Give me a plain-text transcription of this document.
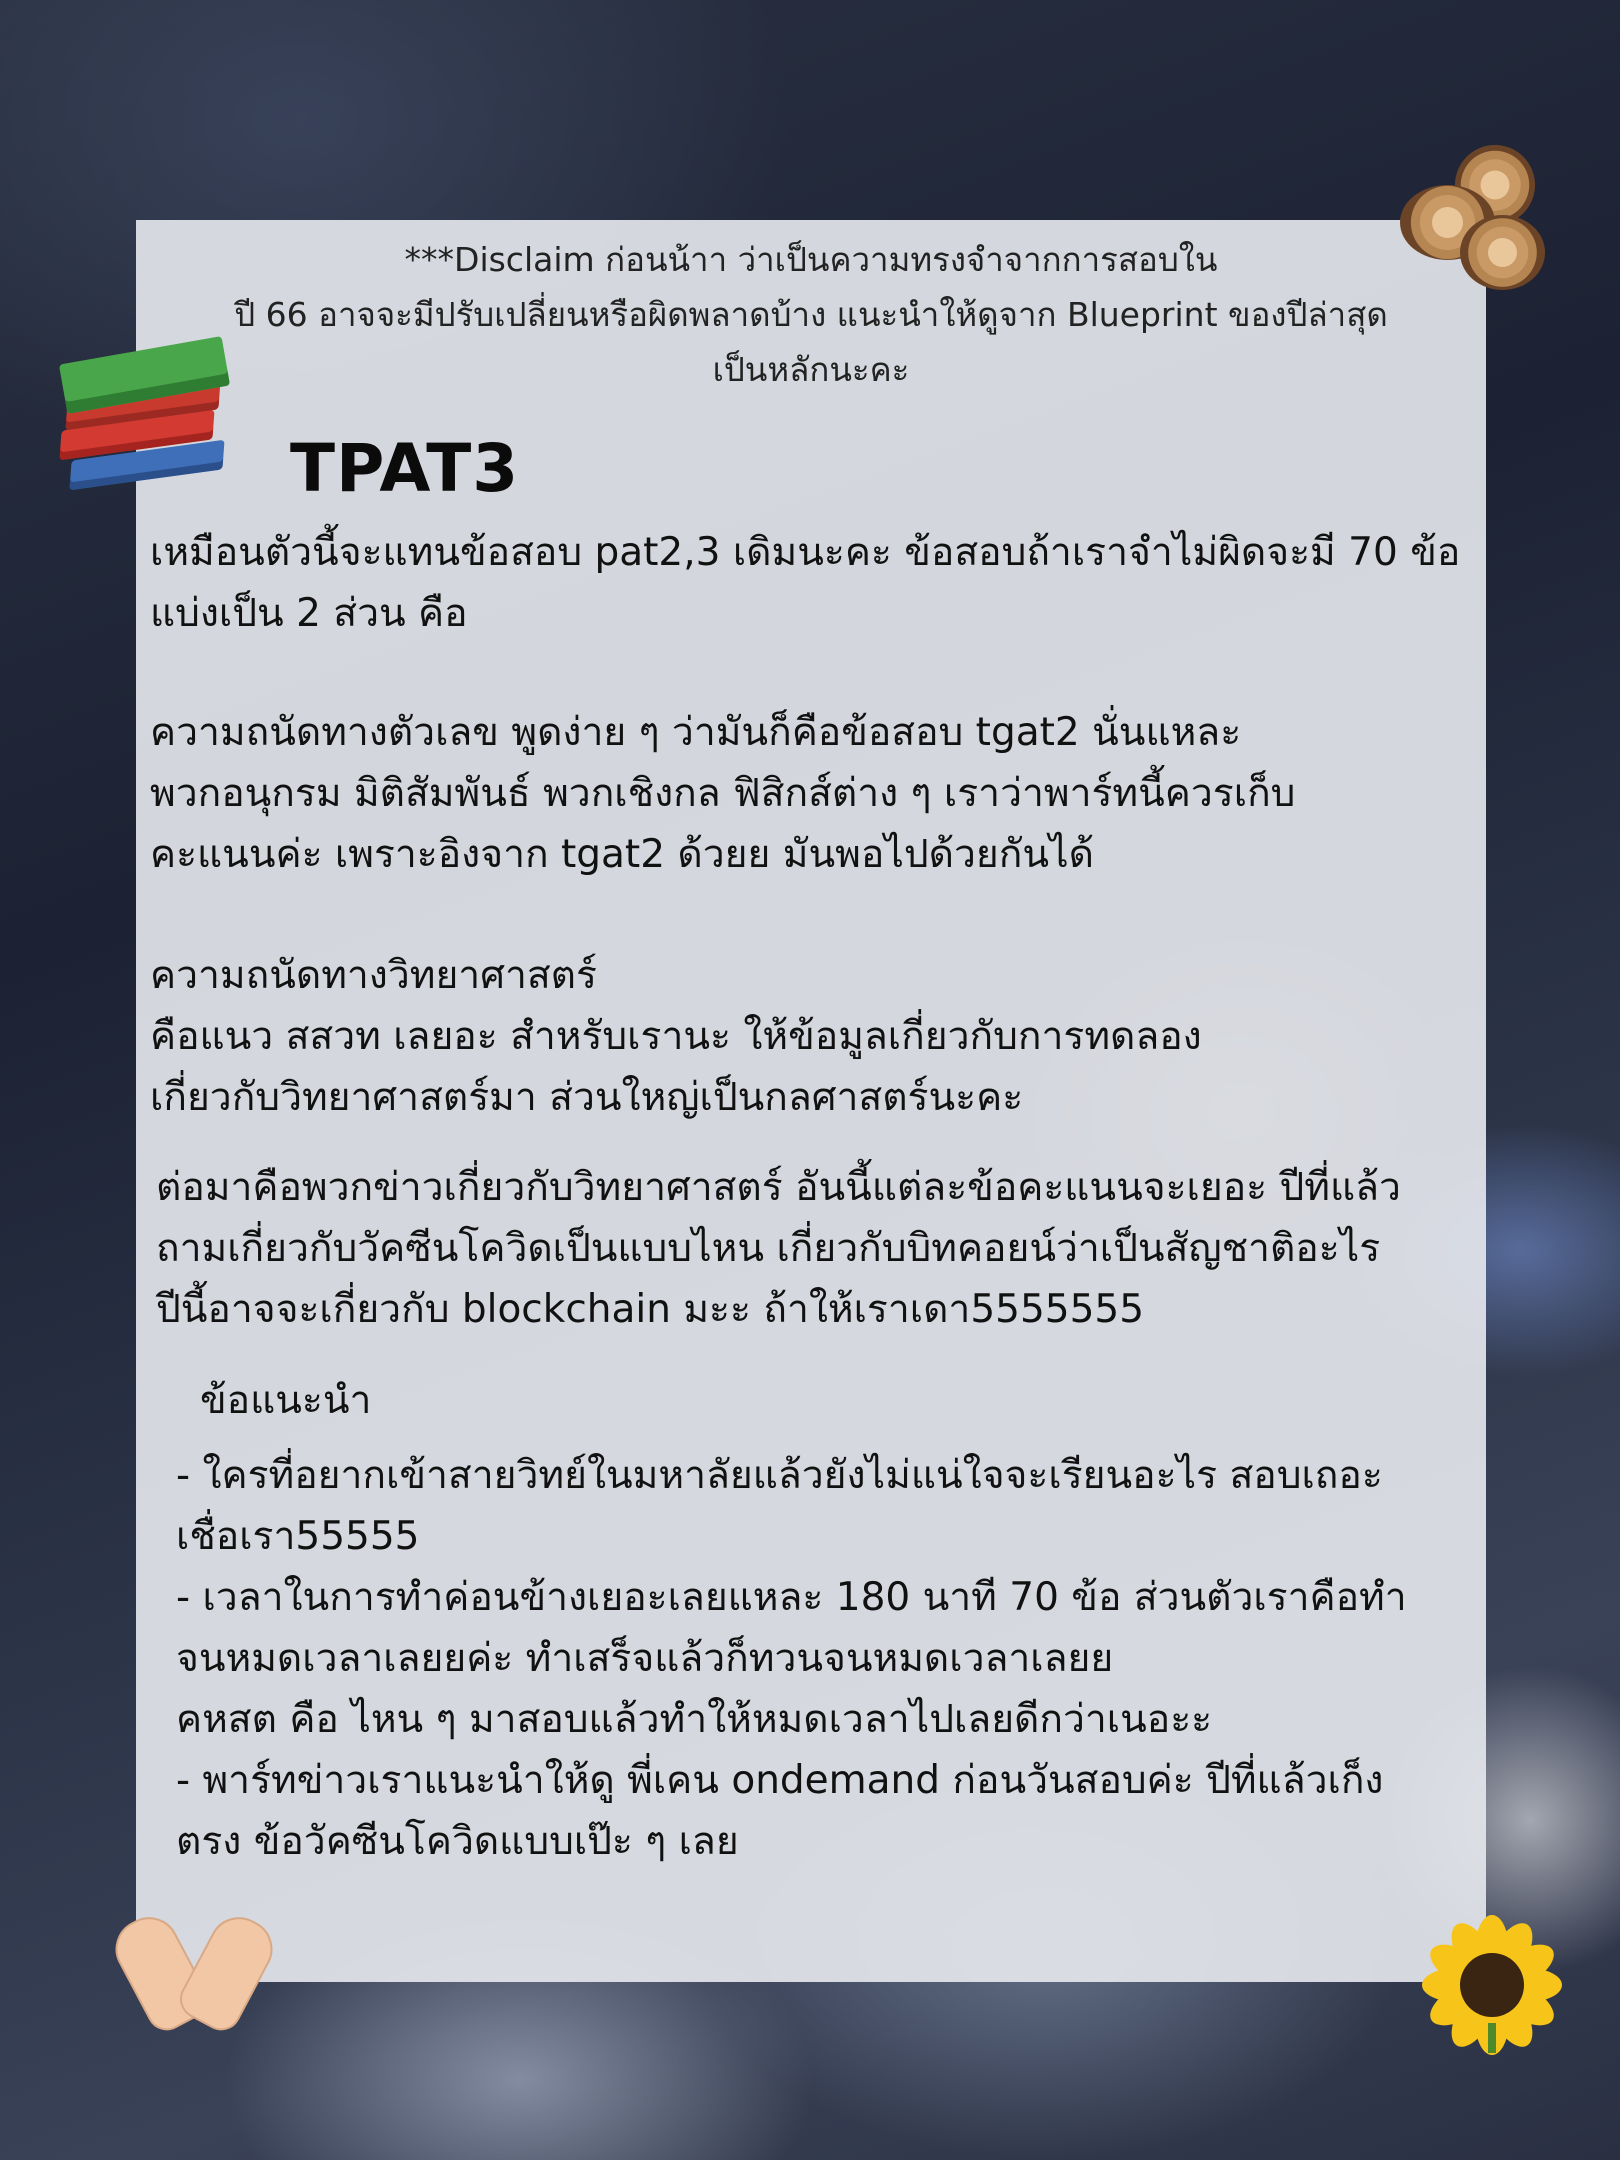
***Disclaim ก่อนน้าา ว่าเป็นความทรงจำจากการสอบใน
ปี 66 อาจจะมีปรับเปลี่ยนหรือผิดพลาดบ้าง แนะนำให้ดูจาก Blueprint ของปีล่าสุด
เป็นหลักนะคะ
TPAT3
เหมือนตัวนี้จะแทนข้อสอบ pat2,3 เดิมนะคะ ข้อสอบถ้าเราจำไม่ผิดจะมี 70 ข้อ
แบ่งเป็น 2 ส่วน คือ
ความถนัดทางตัวเลข พูดง่าย ๆ ว่ามันก็คือข้อสอบ tgat2 นั่นแหละ
พวกอนุกรม มิติสัมพันธ์ พวกเชิงกล ฟิสิกส์ต่าง ๆ เราว่าพาร์ทนี้ควรเก็บ
คะแนนค่ะ เพราะอิงจาก tgat2 ด้วยย มันพอไปด้วยกันได้
ความถนัดทางวิทยาศาสตร์
คือแนว สสวท เลยอะ สำหรับเรานะ ให้ข้อมูลเกี่ยวกับการทดลอง
เกี่ยวกับวิทยาศาสตร์มา ส่วนใหญ่เป็นกลศาสตร์นะคะ
ต่อมาคือพวกข่าวเกี่ยวกับวิทยาศาสตร์ อันนี้แต่ละข้อคะแนนจะเยอะ ปีที่แล้ว
ถามเกี่ยวกับวัคซีนโควิดเป็นแบบไหน เกี่ยวกับบิทคอยน์ว่าเป็นสัญชาติอะไร
ปีนี้อาจจะเกี่ยวกับ blockchain มะะ ถ้าให้เราเดา5555555
ข้อแนะนำ
- ใครที่อยากเข้าสายวิทย์ในมหาลัยแล้วยังไม่แน่ใจจะเรียนอะไร สอบเถอะ
เชื่อเรา55555
- เวลาในการทำค่อนข้างเยอะเลยแหละ 180 นาที 70 ข้อ ส่วนตัวเราคือทำ
จนหมดเวลาเลยยค่ะ ทำเสร็จแล้วก็ทวนจนหมดเวลาเลยย
คหสต คือ ไหน ๆ มาสอบแล้วทำให้หมดเวลาไปเลยดีกว่าเนอะะ
- พาร์ทข่าวเราแนะนำให้ดู พี่เคน ondemand ก่อนวันสอบค่ะ ปีที่แล้วเก็ง
ตรง ข้อวัคซีนโควิดแบบเป๊ะ ๆ เลย
